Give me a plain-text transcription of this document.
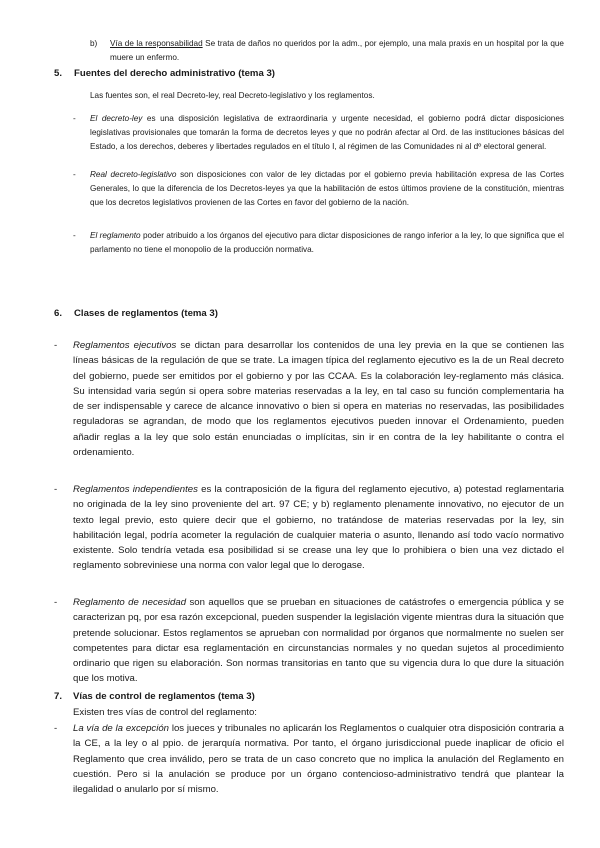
b) Vía de la responsabilidad Se trata de daños no queridos por la adm., por ejemplo, una mala praxis en un hospital por la que muere un enfermo.

5. Fuentes del derecho administrativo (tema 3)

Las fuentes son, el real Decreto-ley, real Decreto-legislativo y los reglamentos.

- El decreto-ley es una disposición legislativa de extraordinaria y urgente necesidad, el gobierno podrá dictar disposiciones legislativas provisionales que tomarán la forma de decretos leyes y que no podrán afectar al Ord. de las instituciones básicas del Estado, a los derechos, deberes y libertades regulados en el título I, al régimen de las Comunidades ni al dº electoral general.

- Real decreto-legislativo son disposiciones con valor de ley dictadas por el gobierno previa habilitación expresa de las Cortes Generales, lo que la diferencia de los Decretos-leyes ya que la habilitación de estos últimos proviene de la constitución, mientras que los decretos legislativos provienen de las Cortes en favor del gobierno de la nación.

- El reglamento poder atribuido a los órganos del ejecutivo para dictar disposiciones de rango inferior a la ley, lo que significa que el parlamento no tiene el monopolio de la producción normativa.

6. Clases de reglamentos (tema 3)
- Reglamentos ejecutivos se dictan para desarrollar los contenidos de una ley previa en la que se contienen las líneas básicas de la regulación de que se trate. La imagen típica del reglamento ejecutivo es la de un Real decreto del gobierno, puede ser emitidos por el gobierno y por las CCAA. Es la colaboración ley-reglamento más clásica. Su intensidad varia según si opera sobre materias reservadas a la ley, en tal caso su función complementaria ha de ser indispensable y carece de alcance innovativo o bien si opera en materias no reservadas, las posibilidades reguladoras se agrandan, de modo que los reglamentos ejecutivos pueden innovar el Ordenamiento, pueden añadir reglas a la ley que solo están enunciadas o implícitas, sin ir en contra de la ley habilitante o contra el ordenamiento.

- Reglamentos independientes es la contraposición de la figura del reglamento ejecutivo, a) potestad reglamentaria no originada de la ley sino proveniente del art. 97 CE; y b) reglamento plenamente innovativo, no ejecutor de un texto legal previo, esto quiere decir que el gobierno, no tratándose de materias reservadas por la ley, sin habilitación legal, podría acometer la regulación de cualquier materia o asunto, llenando así todo vacío normativo existente. Solo tendría vetada esa posibilidad si se crease una ley que lo prohibiera o bien una vez dictado el reglamento sobreviniese una norma con valor legal que lo derogase.

- Reglamento de necesidad son aquellos que se prueban en situaciones de catástrofes o emergencia pública y se caracterizan pq, por esa razón excepcional, pueden suspender la legislación vigente mientras dura la situación que pretende solucionar. Estos reglamentos se aprueban con normalidad por órganos que normalmente no suelen ser competentes para dictar esa reglamentación en circunstancias normales y no quedan sujetos al procedimiento ordinario que rigen su elaboración. Son normas transitorias en tanto que su vigencia dura lo que dure la situación que los motiva.

7. Vías de control de reglamentos (tema 3)

Existen tres vías de control del reglamento:

- La vía de la excepción los jueces y tribunales no aplicarán los Reglamentos o cualquier otra disposición contraria a la CE, a la ley o al ppio. de jerarquía normativa. Por tanto, el órgano jurisdiccional puede inaplicar de oficio el Reglamento que crea inválido, pero se trata de un caso concreto que no implica la anulación del Reglamento en cuestión. Pero si la anulación se produce por un órgano contencioso-administrativo tendrá que plantear la ilegalidad o anularlo por sí mismo.
